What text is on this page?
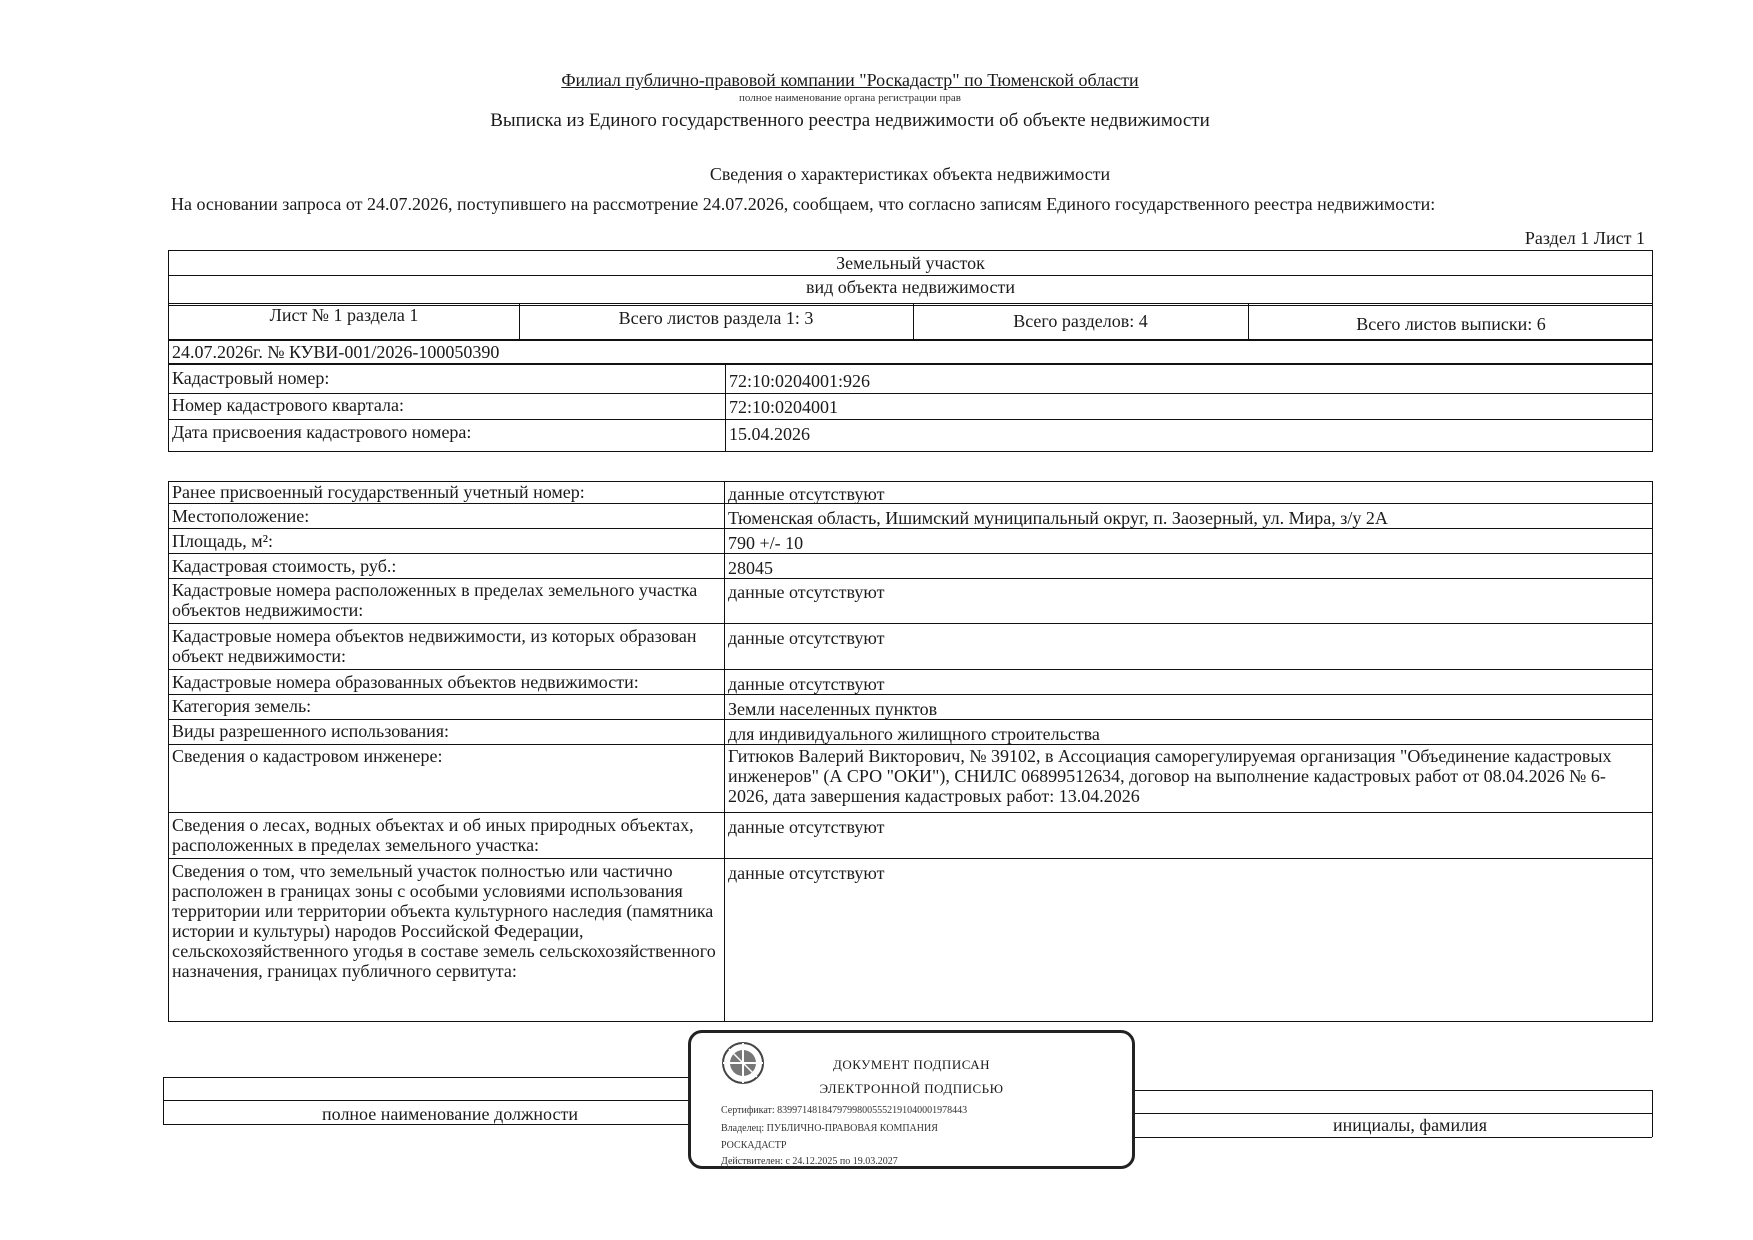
Филиал публично-правовой компании "Роскадастр" по Тюменской области
полное наименование органа регистрации прав
Выписка из Единого государственного реестра недвижимости об объекте недвижимости
Сведения о характеристиках объекта недвижимости
На основании запроса от 24.07.2026, поступившего на рассмотрение 24.07.2026, сообщаем, что согласно записям Единого государственного реестра недвижимости:
Раздел 1 Лист 1
Земельный участок
вид объекта недвижимости
Лист № 1 раздела 1	Всего листов раздела 1: 3	Всего разделов: 4	Всего листов выписки: 6
24.07.2026г. № КУВИ-001/2026-100050390
Кадастровый номер:	72:10:0204001:926
Номер кадастрового квартала:	72:10:0204001
Дата присвоения кадастрового номера:	15.04.2026
Ранее присвоенный государственный учетный номер:	данные отсутствуют
Местоположение:	Тюменская область, Ишимский муниципальный округ, п. Заозерный, ул. Мира, з/у 2А
Площадь, м²:	790 +/- 10
Кадастровая стоимость, руб.:	28045
Кадастровые номера расположенных в пределах земельного участка объектов недвижимости:
данные отсутствуют
Кадастровые номера объектов недвижимости, из которых образован объект недвижимости:
данные отсутствуют
Кадастровые номера образованных объектов недвижимости:	данные отсутствуют
Категория земель:	Земли населенных пунктов
Виды разрешенного использования:	для индивидуального жилищного строительства
Сведения о кадастровом инженере:	Гитюков Валерий Викторович, № 39102, в Ассоциация саморегулируемая организация "Объединение кадастровых инженеров" (А СРО "ОКИ"), СНИЛС 06899512634, договор на выполнение кадастровых работ от 08.04.2026 № 6-2026, дата завершения кадастровых работ: 13.04.2026
Сведения о лесах, водных объектах и об иных природных объектах, расположенных в пределах земельного участка:
данные отсутствуют
Сведения о том, что земельный участок полностью или частично расположен в границах зоны с особыми условиями использования территории или территории объекта культурного наследия (памятника истории и культуры) народов Российской Федерации, сельскохозяйственного угодья в составе земель сельскохозяйственного назначения, границах публичного сервитута:
данные отсутствуют
полное наименование должности
инициалы, фамилия
ДОКУМЕНТ ПОДПИСАН
ЭЛЕКТРОННОЙ ПОДПИСЬЮ
Сертификат: 83997148184797998005552191040001978443
Владелец: ПУБЛИЧНО-ПРАВОВАЯ КОМПАНИЯ
РОСКАДАСТР
Действителен: с 24.12.2025 по 19.03.2027
